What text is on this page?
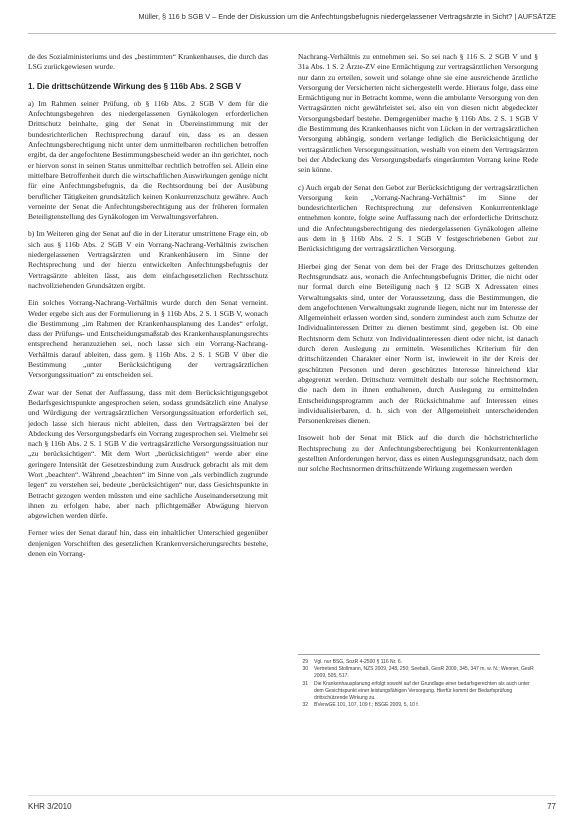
Müller, § 116 b SGB V – Ende der Diskussion um die Anfechtungsbefugnis niedergelassener Vertragsärzte in Sicht? | AUFSÄTZE

de des Sozialministeriums und des „bestimmten“ Krankenhauses, die durch das LSG zurückgewiesen wurde.

1. Die drittschützende Wirkung des § 116b Abs. 2 SGB V

a) Im Rahmen seiner Prüfung, ob § 116b Abs. 2 SGB V dem für die Anfechtungsbegehren des niedergelassenen Gynäkologen erforderlichen Drittschutz beinhalte, ging der Senat in Übereinstimmung mit der bundesrichterlichen Rechtsprechung darauf ein, dass es an dessen Anfechtungsberechtigung nicht unter dem unmittelbaren rechtlichen betroffen ergibt, da der angefochtene Bestimmungsbescheid weder an ihn gerichtet, noch er hiervon sonst in seinen Status unmittelbar rechtlich betroffen sei. Allein eine mittelbare Betroffenheit durch die wirtschaftlichen Auswirkungen genüge nicht für eine Anfechtungsbefugnis, da die Rechtsordnung bei der Ausübung beruflicher Tätigkeiten grundsätzlich keinen Konkurrenzschutz gewähre. Auch verneinte der Senat die Anfechtungsberechtigung aus der früheren formalen Beteiligtenstellung des Gynäkologen im Verwaltungsverfahren.

b) Im Weiteren ging der Senat auf die in der Literatur umstrittene Frage ein, ob sich aus § 116b Abs. 2 SGB V ein Vorrang-Nachrang-Verhältnis zwischen niedergelassenen Vertragsärzten und Krankenhäusern im Sinne der Rechtsprechung und der hierzu entwickelten Anfechtungsbefugnis der Vertragsärzte ableiten lässt, aus dem einfachgesetzlichen Rechtsschutz nachvollziehenden Grundsätzen ergibt.

Ein solches Vorrang-Nachrang-Verhältnis wurde durch den Senat verneint. Weder ergebe sich aus der Formulierung in § 116b Abs. 2 S. 1 SGB V, wonach die Bestimmung „im Rahmen der Krankenhausplanung des Landes“ erfolgt, dass der Prüfungs- und Entscheidungsmaßstab des Krankenhausplanungsrechts entsprechend heranzuziehen sei, noch lasse sich ein Vorrang-Nachrang-Verhältnis darauf ableiten, dass gem. § 116b Abs. 2 S. 1 SGB V über die Bestimmung „unter Berücksichtigung der vertragsärztlichen Versorgungssituation“ zu entscheiden sei.

Zwar war der Senat der Auffassung, dass mit dem Berücksichtigungsgebot Bedarfsgesichtspunkte angesprochen seien, sodass grundsätzlich eine Analyse und Würdigung der vertragsärztlichen Versorgungssituation erforderlich sei, jedoch lasse sich hieraus nicht ableiten, dass den Vertragsärzten bei der Abdeckung des Versorgungsbedarfs ein Vorrang zugesprochen sei. Vielmehr sei nach § 116b Abs. 2 S. 1 SGB V die vertragsärztliche Versorgungssituation nur „zu berücksichtigen“. Mit dem Wort „berücksichtigen“ werde aber eine geringere Intensität der Gesetzesbindung zum Ausdruck gebracht als mit dem Wort „beachten“. Während „beachten“ im Sinne von „als verbindlich zugrunde legen“ zu verstehen sei, bedeute „berücksichtigen“ nur, dass Gesichtspunkte in Betracht gezogen werden müssten und eine sachliche Auseinandersetzung mit ihnen zu erfolgen habe, aber nach pflichtgemäßer Abwägung hiervon abgewichen werden dürfe.

Ferner wies der Senat darauf hin, dass ein inhaltlicher Unterschied gegenüber denjenigen Vorschriften des gesetzlichen Krankenversicherungsrechts bestehe, denen ein Vorrang-

Nachrang-Verhältnis zu entnehmen sei. So sei nach § 116 S. 2 SGB V und § 31a Abs. 1 S. 2 Ärzte-ZV eine Ermächtigung zur vertragsärztlichen Versorgung nur dann zu erteilen, soweit und solange ohne sie eine ausreichende ärztliche Versorgung der Versicherten nicht sichergestellt werde. Hieraus folge, dass eine Ermächtigung nur in Betracht komme, wenn die ambulante Versorgung von den Vertragsärzten nicht gewährleistet sei, also ein von diesen nicht abgedeckter Versorgungsbedarf bestehe. Demgegenüber mache § 116b Abs. 2 S. 1 SGB V die Bestimmung des Krankenhauses nicht von Lücken in der vertragsärztlichen Versorgung abhängig, sondern verlange lediglich die Berücksichtigung der vertragsärztlichen Versorgungssituation, weshalb von einem den Vertragsärzten bei der Abdeckung des Versorgungsbedarfs eingeräumten Vorrang keine Rede sein könne.

c) Auch ergab der Senat den Gebot zur Berücksichtigung der vertragsärztlichen Versorgung kein „Vorrang-Nachrang-Verhältnis“ im Sinne der bundesrichterlichen Rechtsprechung zur defensiven Konkurrentenklage entnehmen konnte, folgte seine Auffassung nach der erforderliche Drittschutz und die Anfechtungsberechtigung des niedergelassenen Gynäkologen alleine aus dem in § 116b Abs. 2 S. 1 SGB V festgeschriebenen Gebot zur Berücksichtigung der vertragsärztlichen Versorgung.

Hierbei ging der Senat von dem bei der Frage des Drittschutzes geltenden Rechtsgrundsatz aus, wonach die Anfechtungsbefugnis Dritter, die nicht oder nur formal durch eine Beteiligung nach § 12 SGB X Adressaten eines Verwaltungsakts sind, unter der Voraussetzung, dass die Bestimmungen, die dem angefochtenen Verwaltungsakt zugrunde liegen, nicht nur im Interesse der Allgemeinheit erlassen worden sind, sondern zumindest auch zum Schutze der Individualinteressen Dritter zu dienen bestimmt sind, gegeben ist. Ob eine Rechtsnorm dem Schutz von Individualinteressen dient oder nicht, ist danach durch deren Auslegung zu ermitteln. Wesentliches Kriterium für den drittschützenden Charakter einer Norm ist, inwieweit in ihr der Kreis der geschützten Personen und deren geschütztes Interesse hinreichend klar abgegrenzt werden. Drittschutz vermittelt deshalb nur solche Rechtsnormen, die nach dem in ihnen enthaltenen, durch Auslegung zu ermittelnden Entscheidungsprogramm auch der Rücksichtnahme auf Interessen eines individualisierbaren, d. h. sich von der Allgemeinheit unterscheidenden Personenkreises dienen.

Insoweit hob der Senat mit Blick auf die durch die höchstrichterliche Rechtsprechung zu der Anfechtungsberechtigung bei Konkurrentenklagen gestellten Anforderungen hervor, dass es einen Auslegungsgrundsatz, nach dem nur solche Rechtsnormen drittschützende Wirkung zugemessen werden

29 Vgl. nur BSG, SozR 4-2500 § 116 Nr. 6.
30 Vertretend Stollmann, NZS 2009, 248, 250; Seebaß, GesR 2009, 345, 347 m. w. N.; Wenner, GesR 2009, 505, 517.
31 Die Krankenhausplanung erfolgt sowohl auf der Grundlage einer bedarfsgerechten als auch unter dem Gesichtspunkt einer leistungsfähigen Versorgung. Hierfür kommt der Bedarfsprüfung drittschützende Wirkung zu.
32 BVerwGE 101, 107, 109 f.; BSGE 2009, 5, 10 f.
KHR 3/2010	77
